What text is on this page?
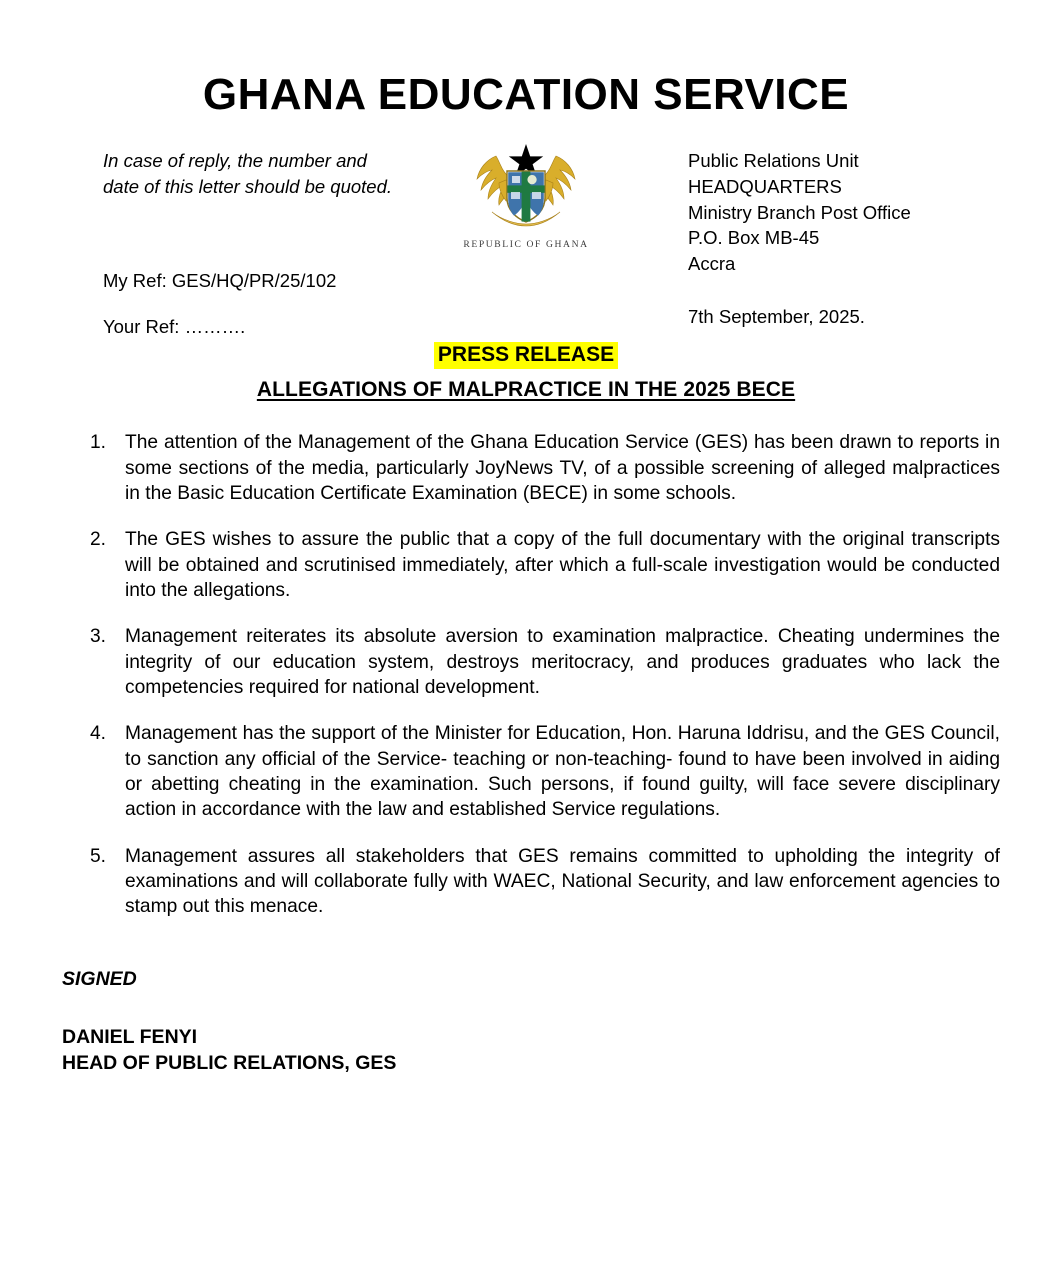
GHANA EDUCATION SERVICE

In case of reply, the number and

date of this letter should be quoted.

My Ref: GES/HQ/PR/25/102

Your Ref: ……….

REPUBLIC OF GHANA

Public Relations Unit

HEADQUARTERS

Ministry Branch Post Office

P.O. Box MB-45

Accra

7th September, 2025.

PRESS RELEASE
ALLEGATIONS OF MALPRACTICE IN THE 2025 BECE
1. The attention of the Management of the Ghana Education Service (GES) has been drawn to reports in some sections of the media, particularly JoyNews TV, of a possible screening of alleged malpractices in the Basic Education Certificate Examination (BECE) in some schools.
2. The GES wishes to assure the public that a copy of the full documentary with the original transcripts will be obtained and scrutinised immediately, after which a full-scale investigation would be conducted into the allegations.
3. Management reiterates its absolute aversion to examination malpractice. Cheating undermines the integrity of our education system, destroys meritocracy, and produces graduates who lack the competencies required for national development.
4. Management has the support of the Minister for Education, Hon. Haruna Iddrisu, and the GES Council, to sanction any official of the Service- teaching or non-teaching- found to have been involved in aiding or abetting cheating in the examination. Such persons, if found guilty, will face severe disciplinary action in accordance with the law and established Service regulations.
5. Management assures all stakeholders that GES remains committed to upholding the integrity of examinations and will collaborate fully with WAEC, National Security, and law enforcement agencies to stamp out this menace.

SIGNED

DANIEL FENYI

HEAD OF PUBLIC RELATIONS, GES
